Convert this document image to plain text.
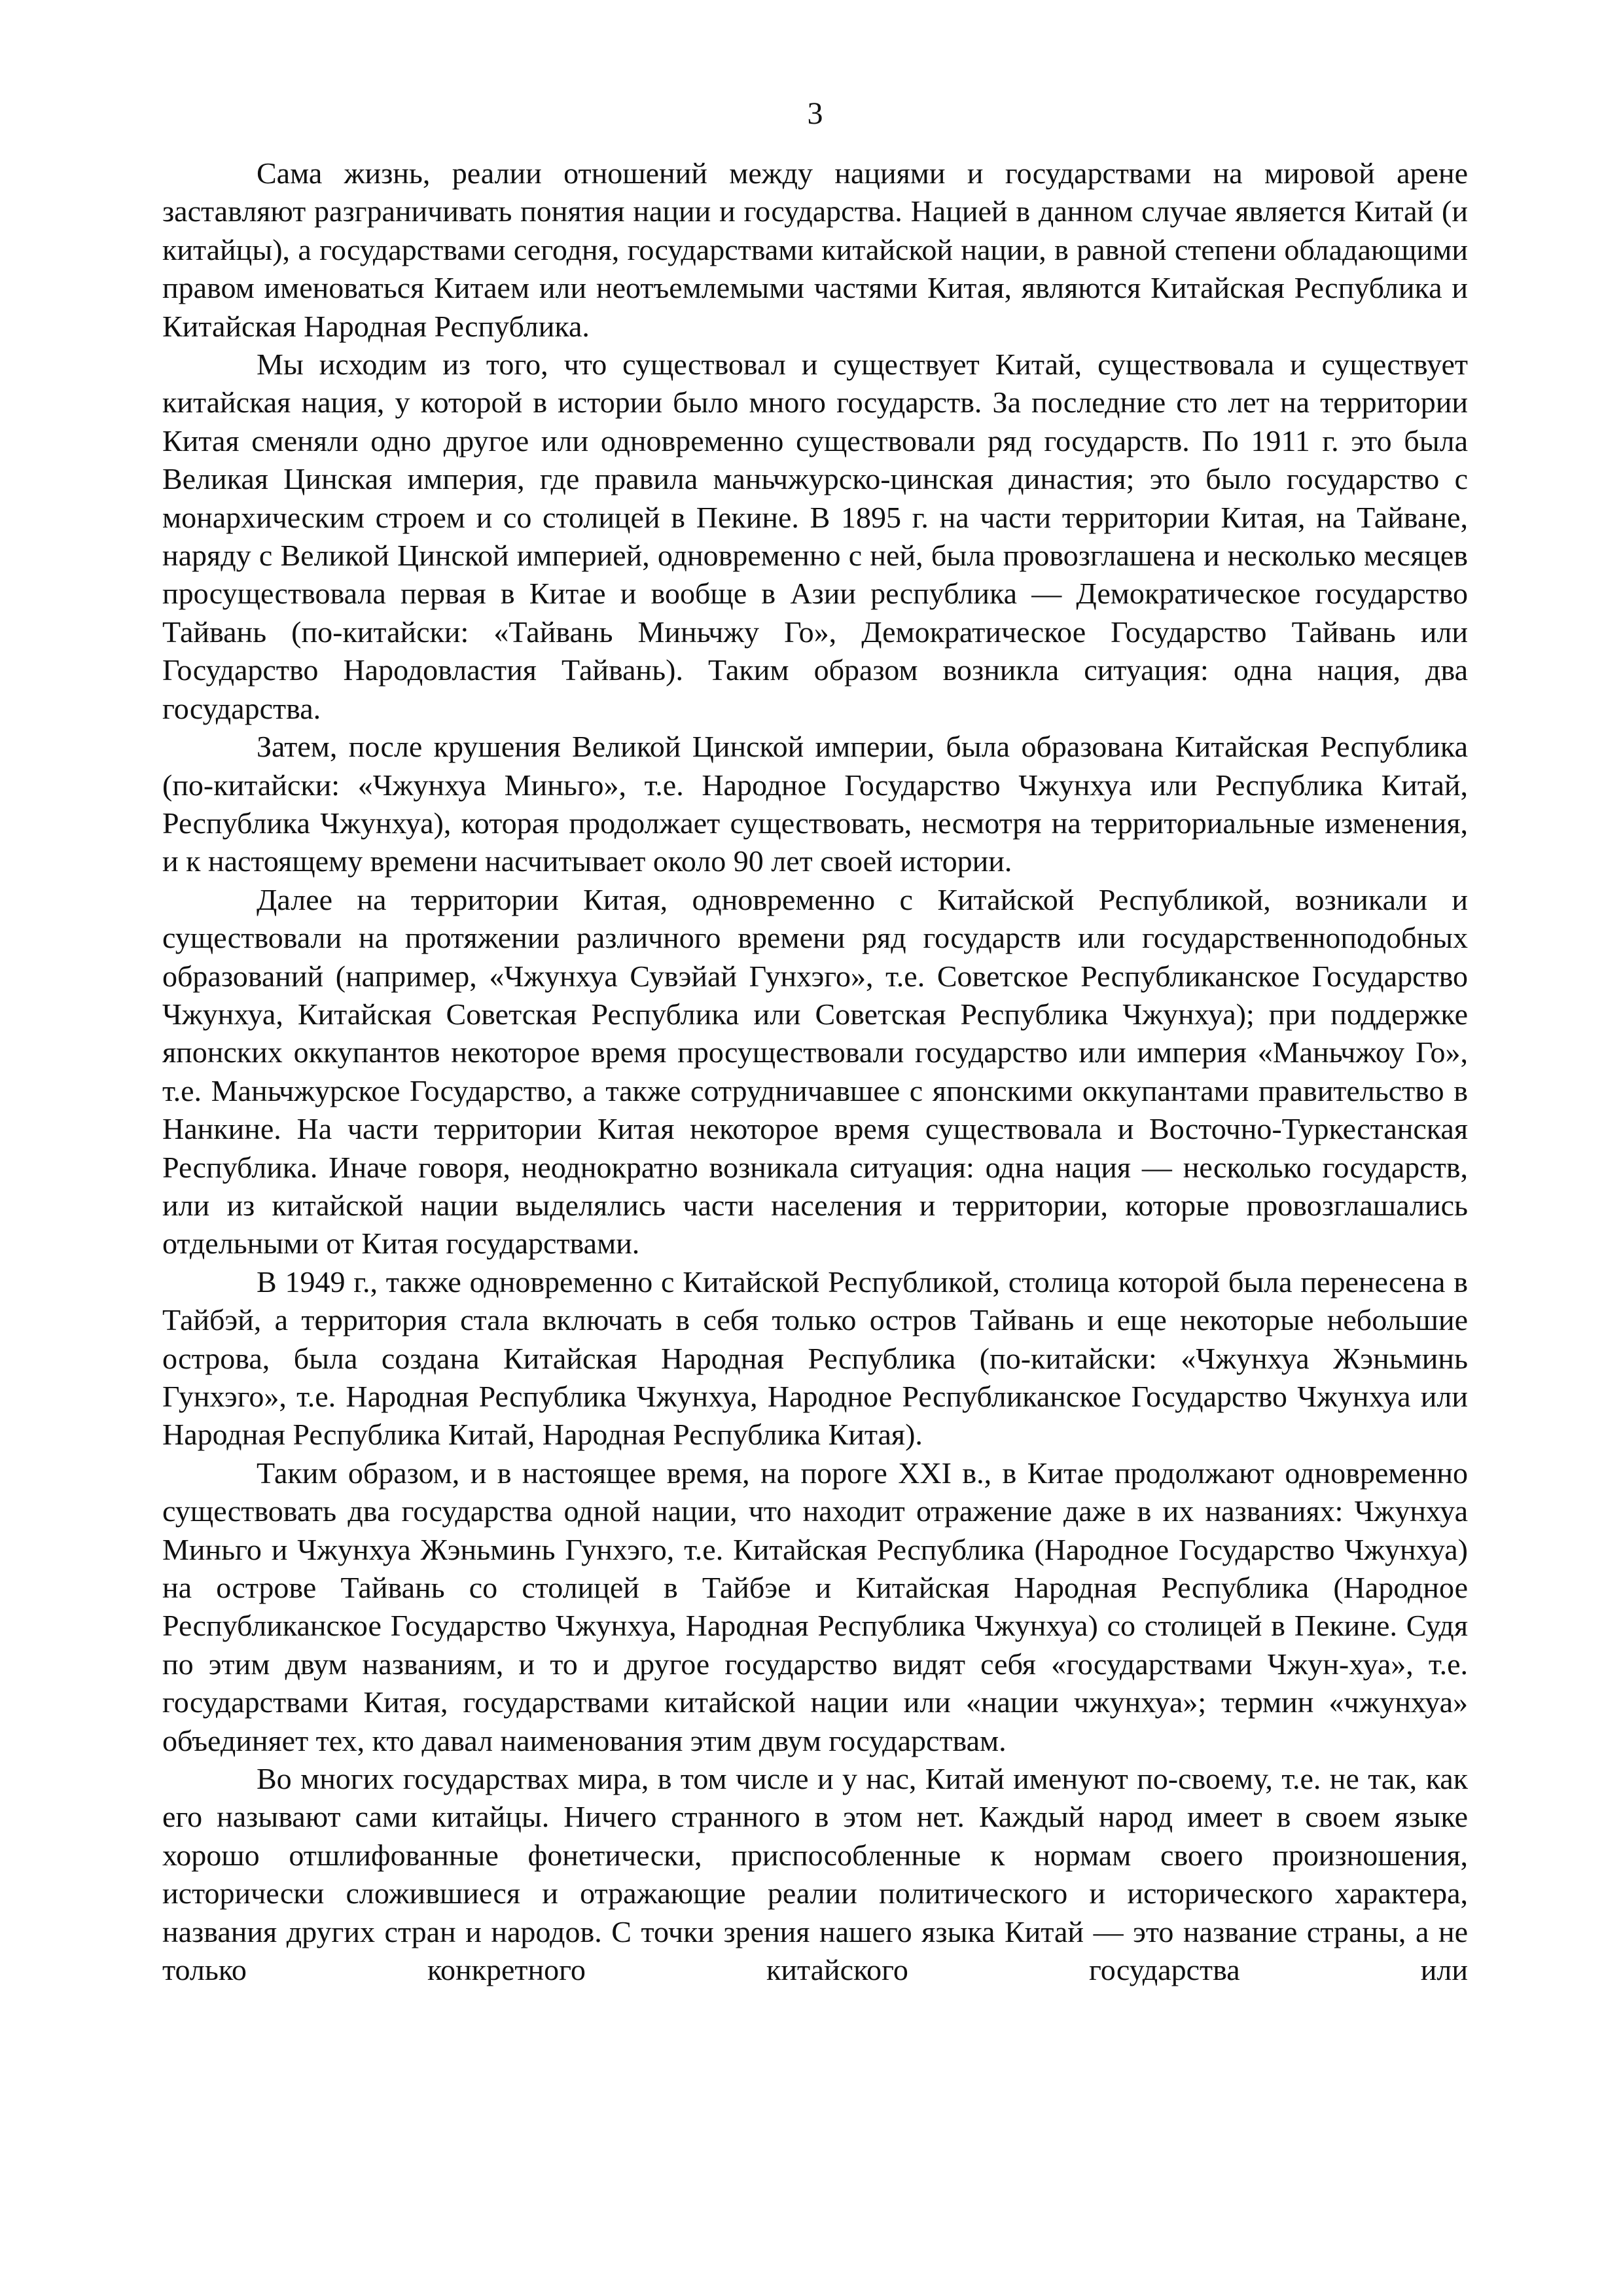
3

Сама жизнь, реалии отношений между нациями и государствами на мировой арене заставляют разграничивать понятия нации и государства. Нацией в данном случае является Китай (и китайцы), а государствами сегодня, государствами китайской нации, в равной степени обладающими правом именоваться Китаем или неотъемлемыми частями Китая, являются Китайская Республика и Китайская Народная Республика.

Мы исходим из того, что существовал и существует Китай, существовала и существует китайская нация, у которой в истории было много государств. За последние сто лет на территории Китая сменяли одно другое или одновременно существовали ряд государств. По 1911 г. это была Великая Цинская империя, где правила маньчжурско-цинская династия; это было государство с монархическим строем и со столицей в Пекине. В 1895 г. на части территории Китая, на Тайване, наряду с Великой Цинской империей, одновременно с ней, была провозглашена и несколько месяцев просуществовала первая в Китае и вообще в Азии республика — Демократическое государство Тайвань (по-китайски: «Тайвань Миньчжу Го», Демократическое Государство Тайвань или Государство Народовластия Тайвань). Таким образом возникла ситуация: одна нация, два государства.

Затем, после крушения Великой Цинской империи, была образована Китайская Республика (по-китайски: «Чжунхуа Миньго», т.е. Народное Государство Чжунхуа или Республика Китай, Республика Чжунхуа), которая продолжает существовать, несмотря на территориальные изменения, и к настоящему времени насчитывает около 90 лет своей истории.

Далее на территории Китая, одновременно с Китайской Республикой, возникали и существовали на протяжении различного времени ряд государств или государственноподобных образований (например, «Чжунхуа Сувэйай Гунхэго», т.е. Советское Республиканское Государство Чжунхуа, Китайская Советская Республика или Советская Республика Чжунхуа); при поддержке японских оккупантов некоторое время просуществовали государство или империя «Маньчжоу Го», т.е. Маньчжурское Государство, а также сотрудничавшее с японскими оккупантами правительство в Нанкине. На части территории Китая некоторое время существовала и Восточно-Туркестанская Республика. Иначе говоря, неоднократно возникала ситуация: одна нация — несколько государств, или из китайской нации выделялись части населения и территории, которые провозглашались отдельными от Китая государствами.

В 1949 г., также одновременно с Китайской Республикой, столица которой была перенесена в Тайбэй, а территория стала включать в себя только остров Тайвань и еще некоторые небольшие острова, была создана Китайская Народная Республика (по-китайски: «Чжунхуа Жэньминь Гунхэго», т.е. Народная Республика Чжунхуа, Народное Республиканское Государство Чжунхуа или Народная Республика Китай, Народная Республика Китая).

Таким образом, и в настоящее время, на пороге XXI в., в Китае продолжают одновременно существовать два государства одной нации, что находит отражение даже в их названиях: Чжунхуа Миньго и Чжунхуа Жэньминь Гунхэго, т.е. Китайская Республика (Народное Государство Чжунхуа) на острове Тайвань со столицей в Тайбэе и Китайская Народная Республика (Народное Республиканское Государство Чжунхуа, Народная Республика Чжунхуа) со столицей в Пекине. Судя по этим двум названиям, и то и другое государство видят себя «государствами Чжун-хуа», т.е. государствами Китая, государствами китайской нации или «нации чжунхуа»; термин «чжунхуа» объединяет тех, кто давал наименования этим двум государствам.

Во многих государствах мира, в том числе и у нас, Китай именуют по-своему, т.е. не так, как его называют сами китайцы. Ничего странного в этом нет. Каждый народ имеет в своем языке хорошо отшлифованные фонетически, приспособленные к нормам своего произношения, исторически сложившиеся и отражающие реалии политического и исторического характера, названия других стран и народов. С точки зрения нашего языка Китай — это название страны, а не только конкретного китайского государства или
